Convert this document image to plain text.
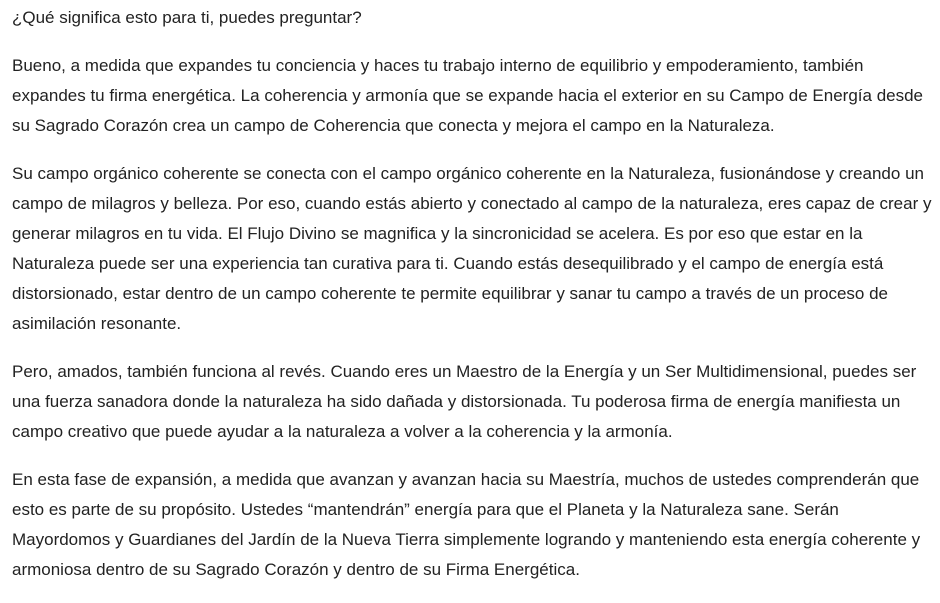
¿Qué significa esto para ti, puedes preguntar?

Bueno, a medida que expandes tu conciencia y haces tu trabajo interno de equilibrio y empoderamiento, también expandes tu firma energética. La coherencia y armonía que se expande hacia el exterior en su Campo de Energía desde su Sagrado Corazón crea un campo de Coherencia que conecta y mejora el campo en la Naturaleza.

Su campo orgánico coherente se conecta con el campo orgánico coherente en la Naturaleza, fusionándose y creando un campo de milagros y belleza. Por eso, cuando estás abierto y conectado al campo de la naturaleza, eres capaz de crear y generar milagros en tu vida. El Flujo Divino se magnifica y la sincronicidad se acelera. Es por eso que estar en la Naturaleza puede ser una experiencia tan curativa para ti. Cuando estás desequilibrado y el campo de energía está distorsionado, estar dentro de un campo coherente te permite equilibrar y sanar tu campo a través de un proceso de asimilación resonante.

Pero, amados, también funciona al revés. Cuando eres un Maestro de la Energía y un Ser Multidimensional, puedes ser una fuerza sanadora donde la naturaleza ha sido dañada y distorsionada. Tu poderosa firma de energía manifiesta un campo creativo que puede ayudar a la naturaleza a volver a la coherencia y la armonía.

En esta fase de expansión, a medida que avanzan y avanzan hacia su Maestría, muchos de ustedes comprenderán que esto es parte de su propósito. Ustedes “mantendrán” energía para que el Planeta y la Naturaleza sane. Serán Mayordomos y Guardianes del Jardín de la Nueva Tierra simplemente logrando y manteniendo esta energía coherente y armoniosa dentro de su Sagrado Corazón y dentro de su Firma Energética.
